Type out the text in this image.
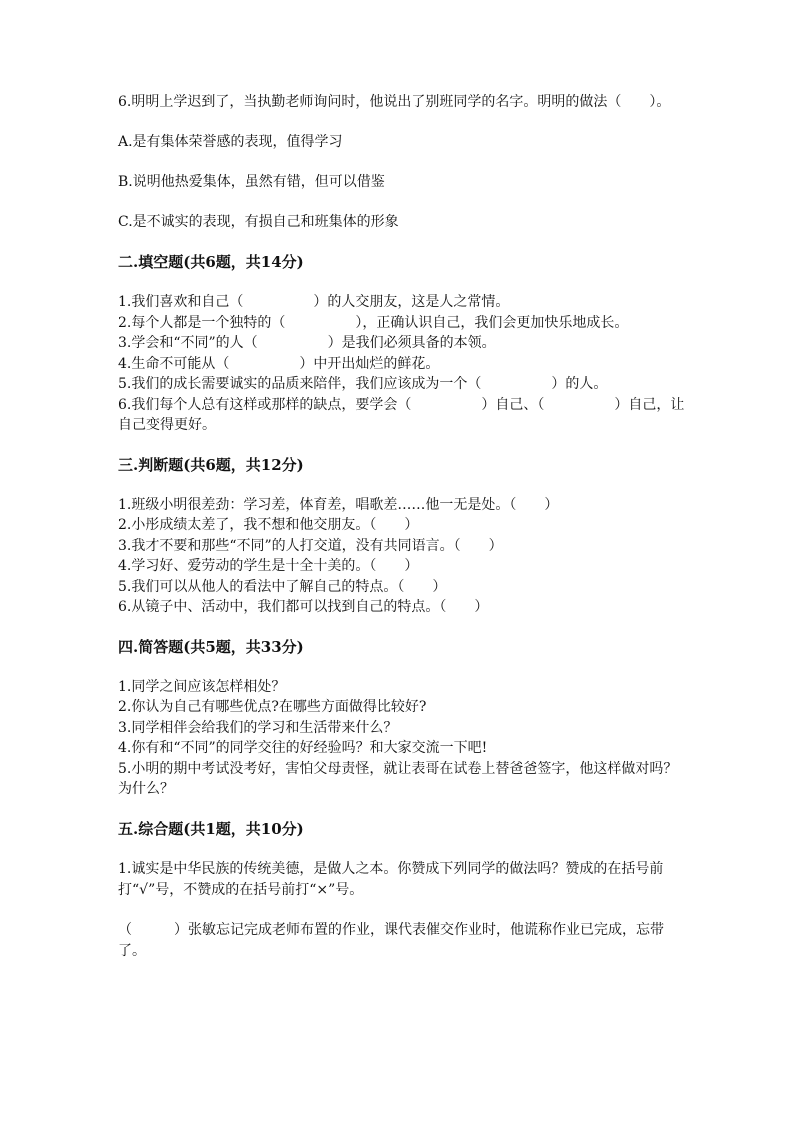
6.明明上学迟到了，当执勤老师询问时，他说出了别班同学的名字。明明的做法（　　）。
A.是有集体荣誉感的表现，值得学习
B.说明他热爱集体，虽然有错，但可以借鉴
C.是不诚实的表现，有损自己和班集体的形象
二.填空题(共6题，共14分)
1.我们喜欢和自己（　　　　　）的人交朋友，这是人之常情。
2.每个人都是一个独特的（　　　　　），正确认识自己，我们会更加快乐地成长。
3.学会和“不同”的人（　　　　　）是我们必须具备的本领。
4.生命不可能从（　　　　　）中开出灿烂的鲜花。
5.我们的成长需要诚实的品质来陪伴，我们应该成为一个（　　　　　）的人。
6.我们每个人总有这样或那样的缺点，要学会（　　　　　）自己、（　　　　　）自己，让自己变得更好。
三.判断题(共6题，共12分)
1.班级小明很差劲：学习差，体育差，唱歌差……他一无是处。（　　）
2.小彤成绩太差了，我不想和他交朋友。（　　）
3.我才不要和那些“不同”的人打交道，没有共同语言。（　　）
4.学习好、爱劳动的学生是十全十美的。（　　）
5.我们可以从他人的看法中了解自己的特点。（　　）
6.从镜子中、活动中，我们都可以找到自己的特点。（　　）
四.简答题(共5题，共33分)
1.同学之间应该怎样相处？
2.你认为自己有哪些优点?在哪些方面做得比较好?
3.同学相伴会给我们的学习和生活带来什么？
4.你有和“不同”的同学交往的好经验吗？和大家交流一下吧!
5.小明的期中考试没考好，害怕父母责怪，就让表哥在试卷上替爸爸签字，他这样做对吗？为什么？
五.综合题(共1题，共10分)
1.诚实是中华民族的传统美德，是做人之本。你赞成下列同学的做法吗？赞成的在括号前打“√”号，不赞成的在括号前打“×”号。
（　　　）张敏忘记完成老师布置的作业，课代表催交作业时，他谎称作业已完成，忘带了。
